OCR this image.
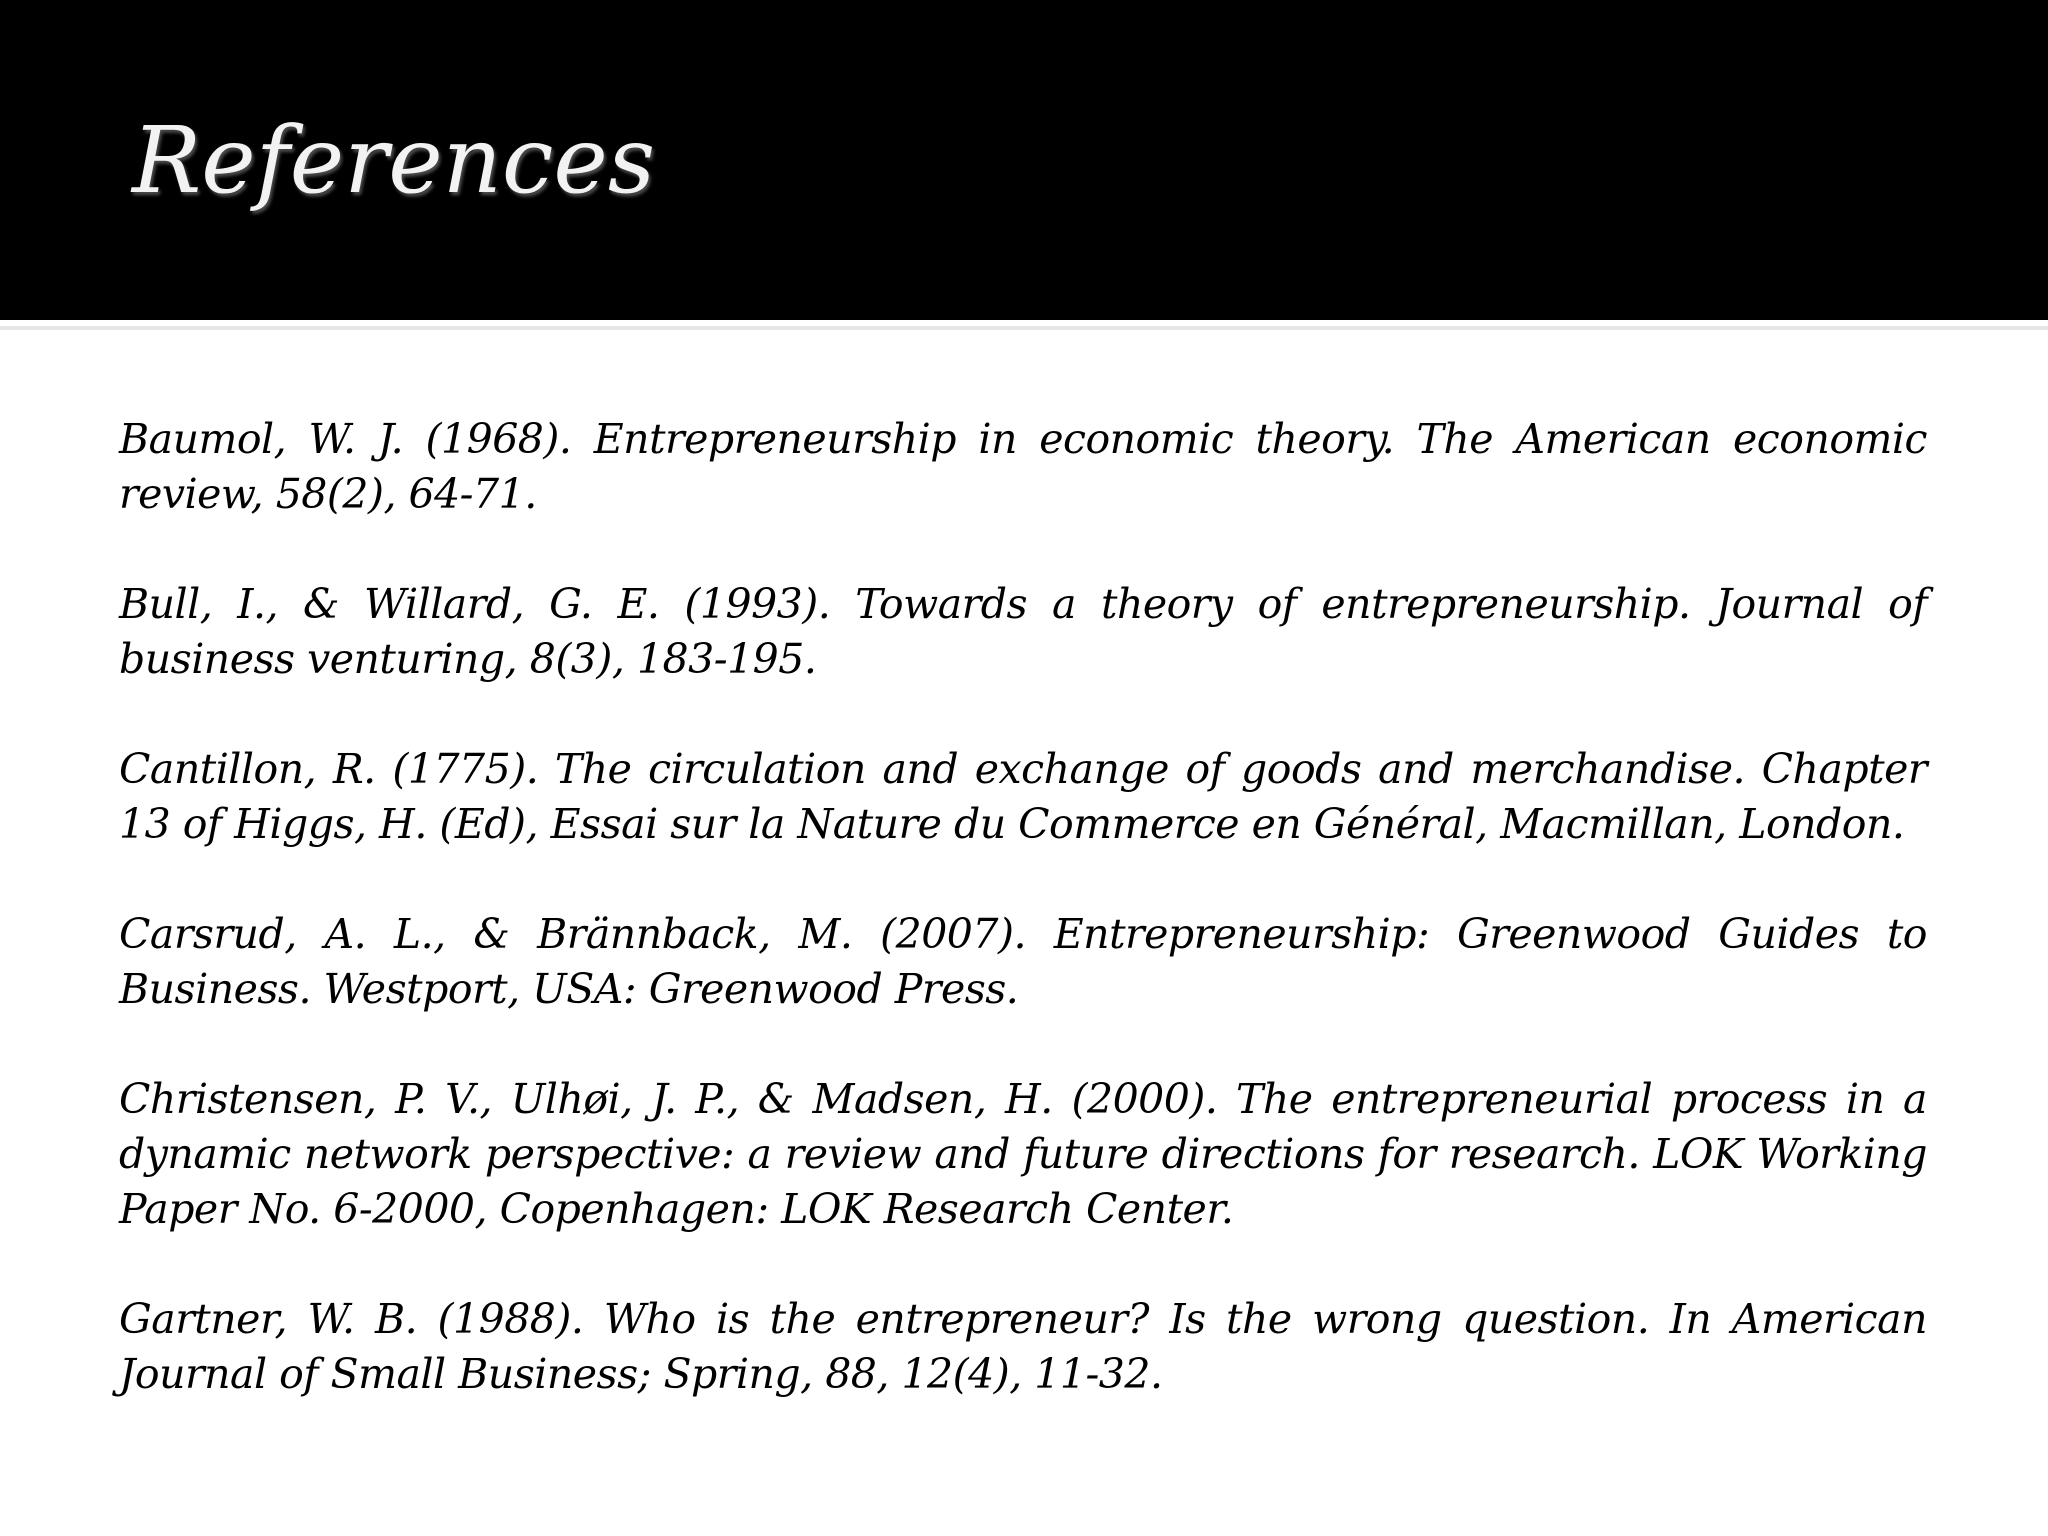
References
Baumol, W. J. (1968). Entrepreneurship in economic theory. The American economic review, 58(2), 64-71.
Bull, I., & Willard, G. E. (1993). Towards a theory of entrepreneurship. Journal of business venturing, 8(3), 183-195.
Cantillon, R. (1775). The circulation and exchange of goods and merchandise. Chapter 13 of Higgs, H. (Ed), Essai sur la Nature du Commerce en Général, Macmillan, London.
Carsrud, A. L., & Brännback, M. (2007). Entrepreneurship: Greenwood Guides to Business. Westport, USA: Greenwood Press.
Christensen, P. V., Ulhøi, J. P., & Madsen, H. (2000). The entrepreneurial process in a dynamic network perspective: a review and future directions for research. LOK Working Paper No. 6-2000, Copenhagen: LOK Research Center.
Gartner, W. B. (1988). Who is the entrepreneur? Is the wrong question. In American Journal of Small Business; Spring, 88, 12(4), 11-32.
